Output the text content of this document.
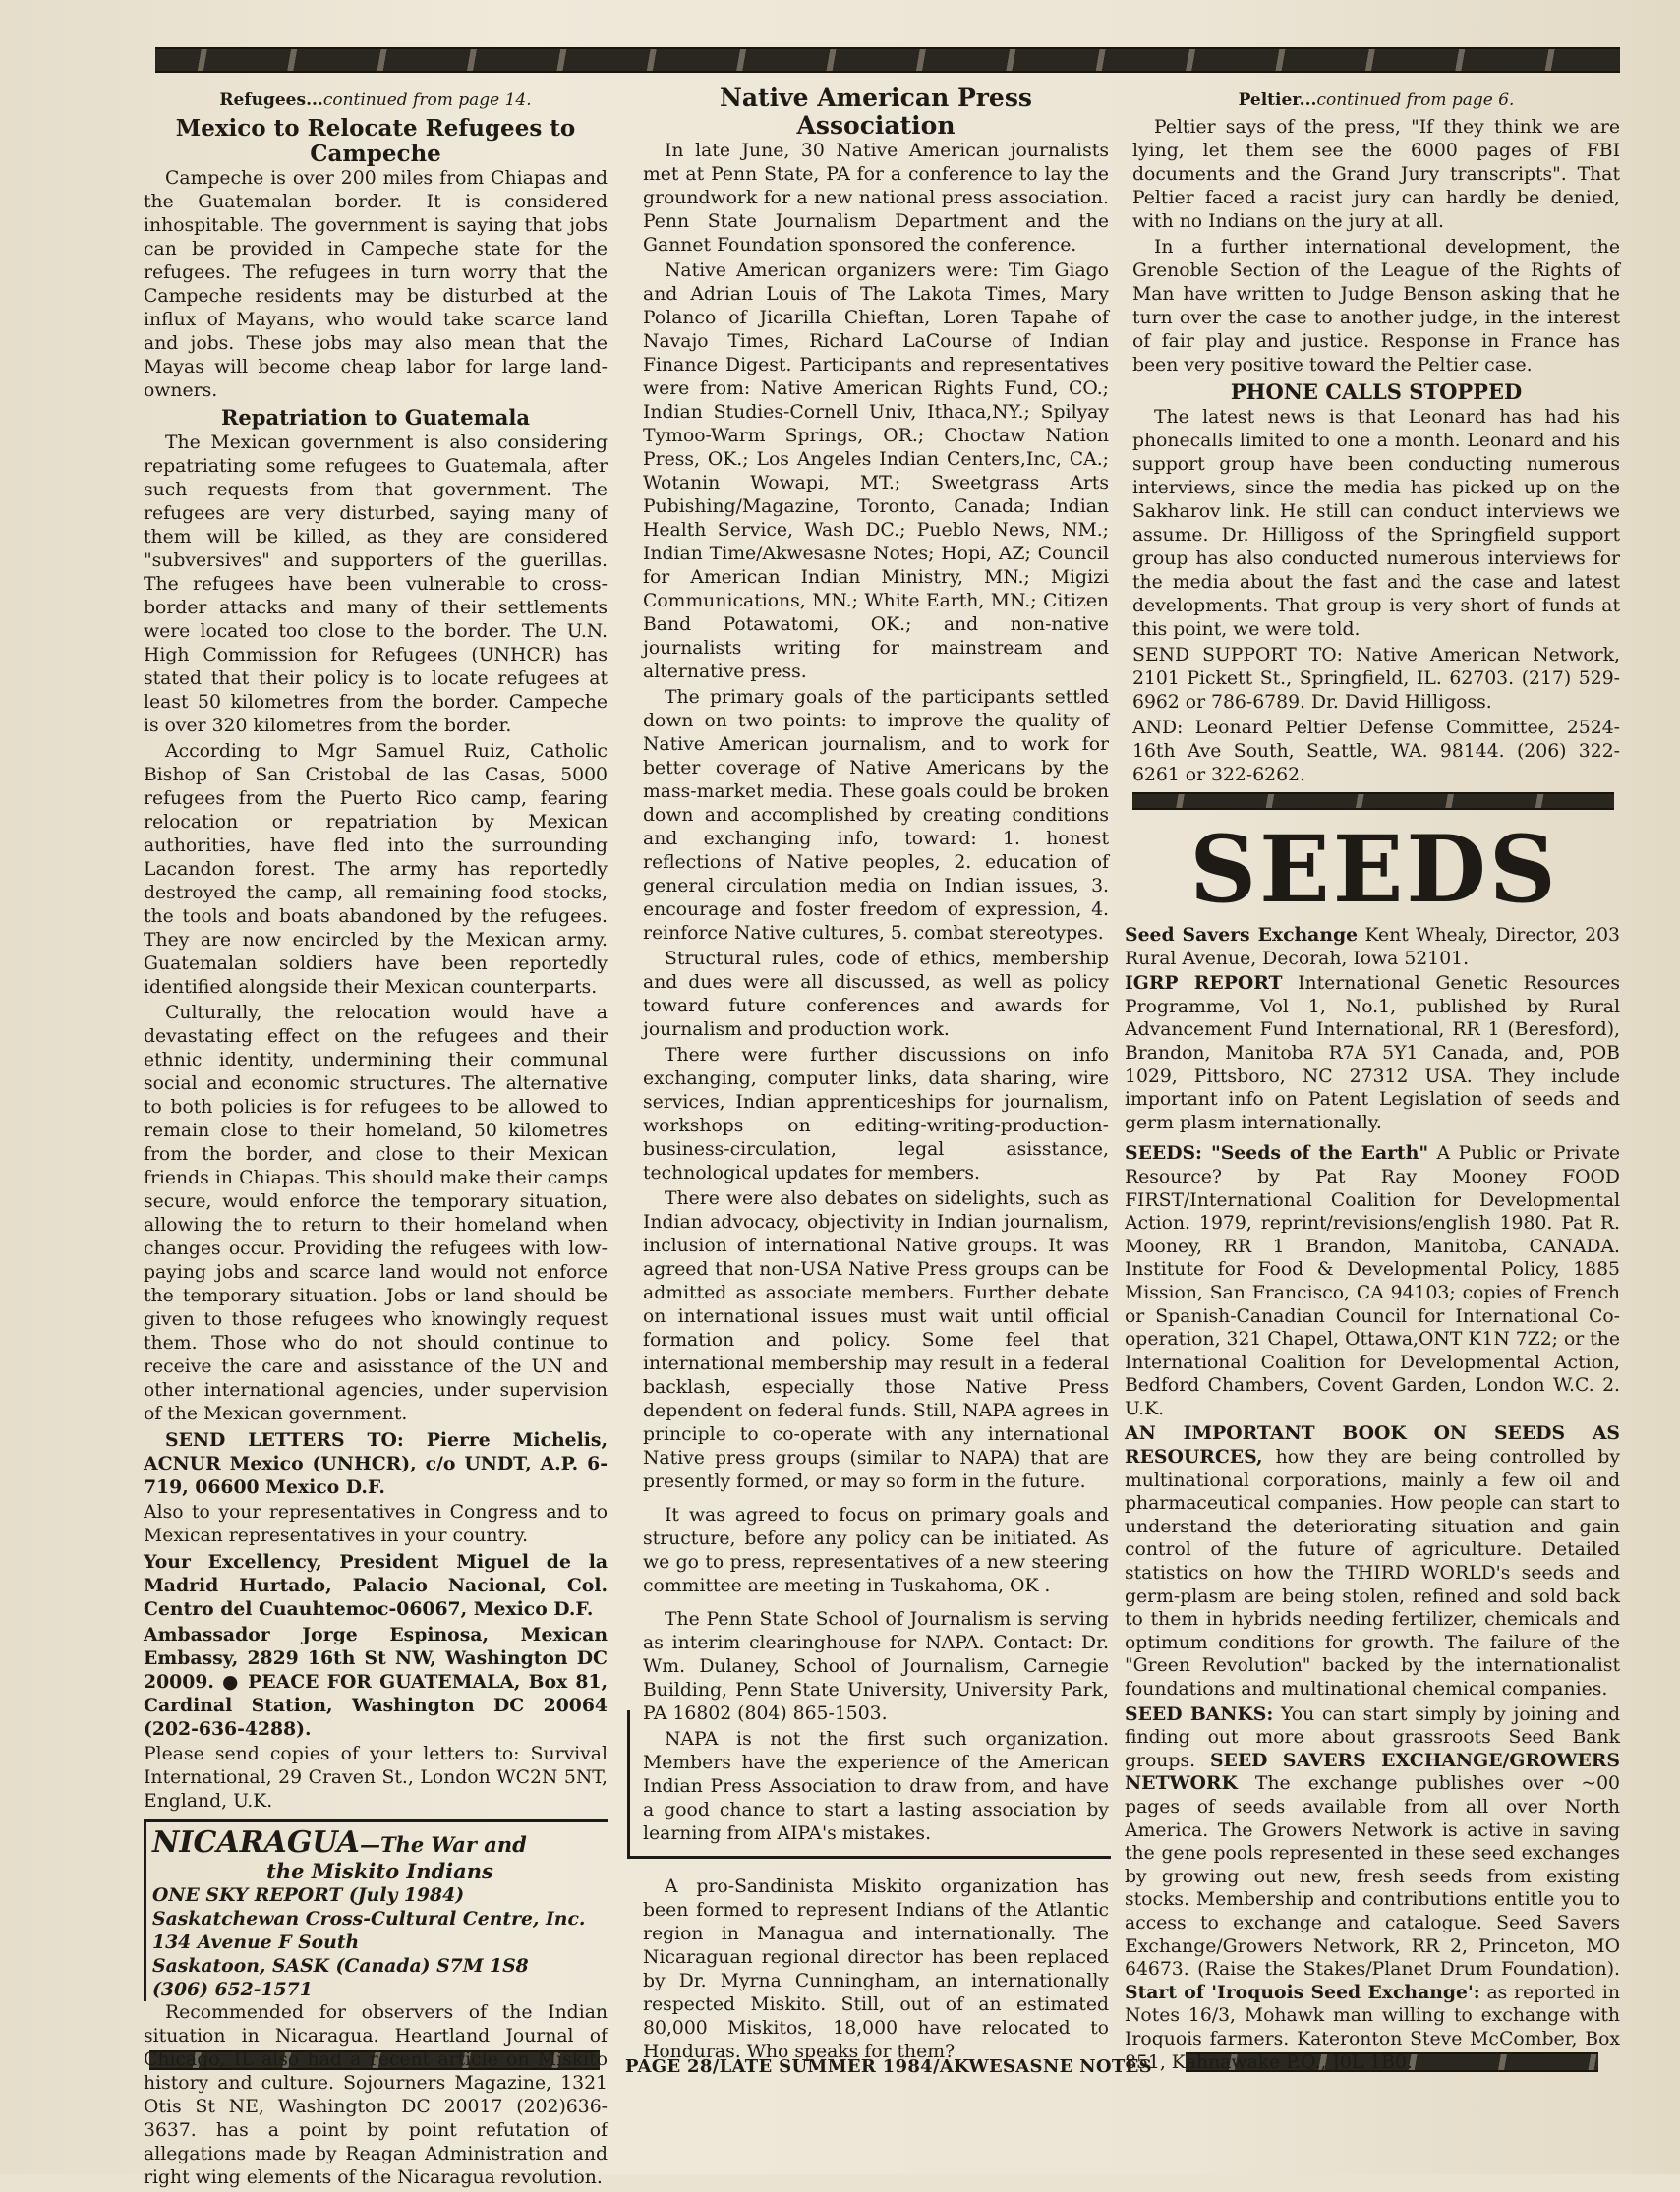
Refugees...continued from page 14.
Mexico to Relocate Refugees to Campeche

Campeche is over 200 miles from Chiapas and the Guatemalan border. It is considered inhospitable. The government is saying that jobs can be provided in Campeche state for the refugees. The refugees in turn worry that the Campeche residents may be disturbed at the influx of Mayans, who would take scarce land and jobs. These jobs may also mean that the Mayas will become cheap labor for large land-owners.

Repatriation to Guatemala

The Mexican government is also considering repatriating some refugees to Guatemala, after such requests from that government. The refugees are very disturbed, saying many of them will be killed, as they are considered "subversives" and supporters of the guerillas. The refugees have been vulnerable to cross-border attacks and many of their settlements were located too close to the border. The U.N. High Commission for Refugees (UNHCR) has stated that their policy is to locate refugees at least 50 kilometres from the border. Campeche is over 320 kilometres from the border.

According to Mgr Samuel Ruiz, Catholic Bishop of San Cristobal de las Casas, 5000 refugees from the Puerto Rico camp, fearing relocation or repatriation by Mexican authorities, have fled into the surrounding Lacandon forest. The army has reportedly destroyed the camp, all remaining food stocks, the tools and boats abandoned by the refugees. They are now encircled by the Mexican army. Guatemalan soldiers have been reportedly identified alongside their Mexican counterparts.

Culturally, the relocation would have a devastating effect on the refugees and their ethnic identity, undermining their communal social and economic structures. The alternative to both policies is for refugees to be allowed to remain close to their homeland, 50 kilometres from the border, and close to their Mexican friends in Chiapas. This should make their camps secure, would enforce the temporary situation, allowing the to return to their homeland when changes occur. Providing the refugees with low-paying jobs and scarce land would not enforce the temporary situation. Jobs or land should be given to those refugees who knowingly request them. Those who do not should continue to receive the care and asisstance of the UN and other international agencies, under supervision of the Mexican government.

SEND LETTERS TO: Pierre Michelis, ACNUR Mexico (UNHCR), c/o UNDT, A.P. 6-719, 06600 Mexico D.F.

Also to your representatives in Congress and to Mexican representatives in your country.

Your Excellency, President Miguel de la Madrid Hurtado, Palacio Nacional, Col. Centro del Cuauhtemoc-06067, Mexico D.F.

Ambassador Jorge Espinosa, Mexican Embassy, 2829 16th St NW, Washington DC 20009. ● PEACE FOR GUATEMALA, Box 81, Cardinal Station, Washington DC 20064 (202-636-4288).

Please send copies of your letters to: Survival International, 29 Craven St., London WC2N 5NT, England, U.K.

NICARAGUA—The War and
the Miskito Indians
ONE SKY REPORT (July 1984)
Saskatchewan Cross-Cultural Centre, Inc.
134 Avenue F South
Saskatoon, SASK (Canada) S7M 1S8
(306) 652-1571

Recommended for observers of the Indian situation in Nicaragua. Heartland Journal of Chicago, IL also had a recent article on Miskito history and culture. Sojourners Magazine, 1321 Otis St NE, Washington DC 20017 (202)636-3637. has a point by point refutation of allegations made by Reagan Administration and right wing elements of the Nicaragua revolution.

Native American Press Association

In late June, 30 Native American journalists met at Penn State, PA for a conference to lay the groundwork for a new national press association. Penn State Journalism Department and the Gannet Foundation sponsored the conference.

Native American organizers were: Tim Giago and Adrian Louis of The Lakota Times, Mary Polanco of Jicarilla Chieftan, Loren Tapahe of Navajo Times, Richard LaCourse of Indian Finance Digest. Participants and representatives were from: Native American Rights Fund, CO.; Indian Studies-Cornell Univ, Ithaca,NY.; Spilyay Tymoo-Warm Springs, OR.; Choctaw Nation Press, OK.; Los Angeles Indian Centers,Inc, CA.; Wotanin Wowapi, MT.; Sweetgrass Arts Pubishing/Magazine, Toronto, Canada; Indian Health Service, Wash DC.; Pueblo News, NM.; Indian Time/Akwesasne Notes; Hopi, AZ; Council for American Indian Ministry, MN.; Migizi Communications, MN.; White Earth, MN.; Citizen Band Potawatomi, OK.; and non-native journalists writing for mainstream and alternative press.

The primary goals of the participants settled down on two points: to improve the quality of Native American journalism, and to work for better coverage of Native Americans by the mass-market media. These goals could be broken down and accomplished by creating conditions and exchanging info, toward: 1. honest reflections of Native peoples, 2. education of general circulation media on Indian issues, 3. encourage and foster freedom of expression, 4. reinforce Native cultures, 5. combat stereotypes.

Structural rules, code of ethics, membership and dues were all discussed, as well as policy toward future conferences and awards for journalism and production work.

There were further discussions on info exchanging, computer links, data sharing, wire services, Indian apprenticeships for journalism, workshops on editing-writing-production-business-circulation, legal asisstance, technological updates for members.

There were also debates on sidelights, such as Indian advocacy, objectivity in Indian journalism, inclusion of international Native groups. It was agreed that non-USA Native Press groups can be admitted as associate members. Further debate on international issues must wait until official formation and policy. Some feel that international membership may result in a federal backlash, especially those Native Press dependent on federal funds. Still, NAPA agrees in principle to co-operate with any international Native press groups (similar to NAPA) that are presently formed, or may so form in the future.

It was agreed to focus on primary goals and structure, before any policy can be initiated. As we go to press, representatives of a new steering committee are meeting in Tuskahoma, OK .

The Penn State School of Journalism is serving as interim clearinghouse for NAPA. Contact: Dr. Wm. Dulaney, School of Journalism, Carnegie Building, Penn State University, University Park, PA 16802 (804) 865-1503.

NAPA is not the first such organization. Members have the experience of the American Indian Press Association to draw from, and have a good chance to start a lasting association by learning from AIPA's mistakes.

A pro-Sandinista Miskito organization has been formed to represent Indians of the Atlantic region in Managua and internationally. The Nicaraguan regional director has been replaced by Dr. Myrna Cunningham, an internationally respected Miskito. Still, out of an estimated 80,000 Miskitos, 18,000 have relocated to Honduras. Who speaks for them?

Peltier...continued from page 6.

Peltier says of the press, "If they think we are lying, let them see the 6000 pages of FBI documents and the Grand Jury transcripts". That Peltier faced a racist jury can hardly be denied, with no Indians on the jury at all.

In a further international development, the Grenoble Section of the League of the Rights of Man have written to Judge Benson asking that he turn over the case to another judge, in the interest of fair play and justice. Response in France has been very positive toward the Peltier case.

PHONE CALLS STOPPED

The latest news is that Leonard has had his phonecalls limited to one a month. Leonard and his support group have been conducting numerous interviews, since the media has picked up on the Sakharov link. He still can conduct interviews we assume. Dr. Hilligoss of the Springfield support group has also conducted numerous interviews for the media about the fast and the case and latest developments. That group is very short of funds at this point, we were told.

SEND SUPPORT TO: Native American Network, 2101 Pickett St., Springfield, IL. 62703. (217) 529-6962 or 786-6789. Dr. David Hilligoss.

AND: Leonard Peltier Defense Committee, 2524-16th Ave South, Seattle, WA. 98144. (206) 322-6261 or 322-6262.

SEEDS

Seed Savers Exchange Kent Whealy, Director, 203 Rural Avenue, Decorah, Iowa 52101.

IGRP REPORT International Genetic Resources Programme, Vol 1, No.1, published by Rural Advancement Fund International, RR 1 (Beresford), Brandon, Manitoba R7A 5Y1 Canada, and, POB 1029, Pittsboro, NC 27312 USA. They include important info on Patent Legislation of seeds and germ plasm internationally.

SEEDS: "Seeds of the Earth" A Public or Private Resource? by Pat Ray Mooney FOOD FIRST/International Coalition for Developmental Action. 1979, reprint/revisions/english 1980. Pat R. Mooney, RR 1 Brandon, Manitoba, CANADA. Institute for Food & Developmental Policy, 1885 Mission, San Francisco, CA 94103; copies of French or Spanish-Canadian Council for International Co-operation, 321 Chapel, Ottawa,ONT K1N 7Z2; or the International Coalition for Developmental Action, Bedford Chambers, Covent Garden, London W.C. 2. U.K.

AN IMPORTANT BOOK ON SEEDS AS RESOURCES, how they are being controlled by multinational corporations, mainly a few oil and pharmaceutical companies. How people can start to understand the deteriorating situation and gain control of the future of agriculture. Detailed statistics on how the THIRD WORLD's seeds and germ-plasm are being stolen, refined and sold back to them in hybrids needing fertilizer, chemicals and optimum conditions for growth. The failure of the "Green Revolution" backed by the internationalist foundations and multinational chemical companies.

SEED BANKS: You can start simply by joining and finding out more about grassroots Seed Bank groups. SEED SAVERS EXCHANGE/GROWERS NETWORK The exchange publishes over ~00 pages of seeds available from all over North America. The Growers Network is active in saving the gene pools represented in these seed exchanges by growing out new, fresh seeds from existing stocks. Membership and contributions entitle you to access to exchange and catalogue. Seed Savers Exchange/Growers Network, RR 2, Princeton, MO 64673. (Raise the Stakes/Planet Drum Foundation). Start of 'Iroquois Seed Exchange': as reported in Notes 16/3, Mohawk man willing to exchange with Iroquois farmers. Kateronton Steve McComber, Box 851, Kahnawake P.Q., J0L 1B0.

PAGE 28/LATE SUMMER 1984/AKWESASNE NOTES
